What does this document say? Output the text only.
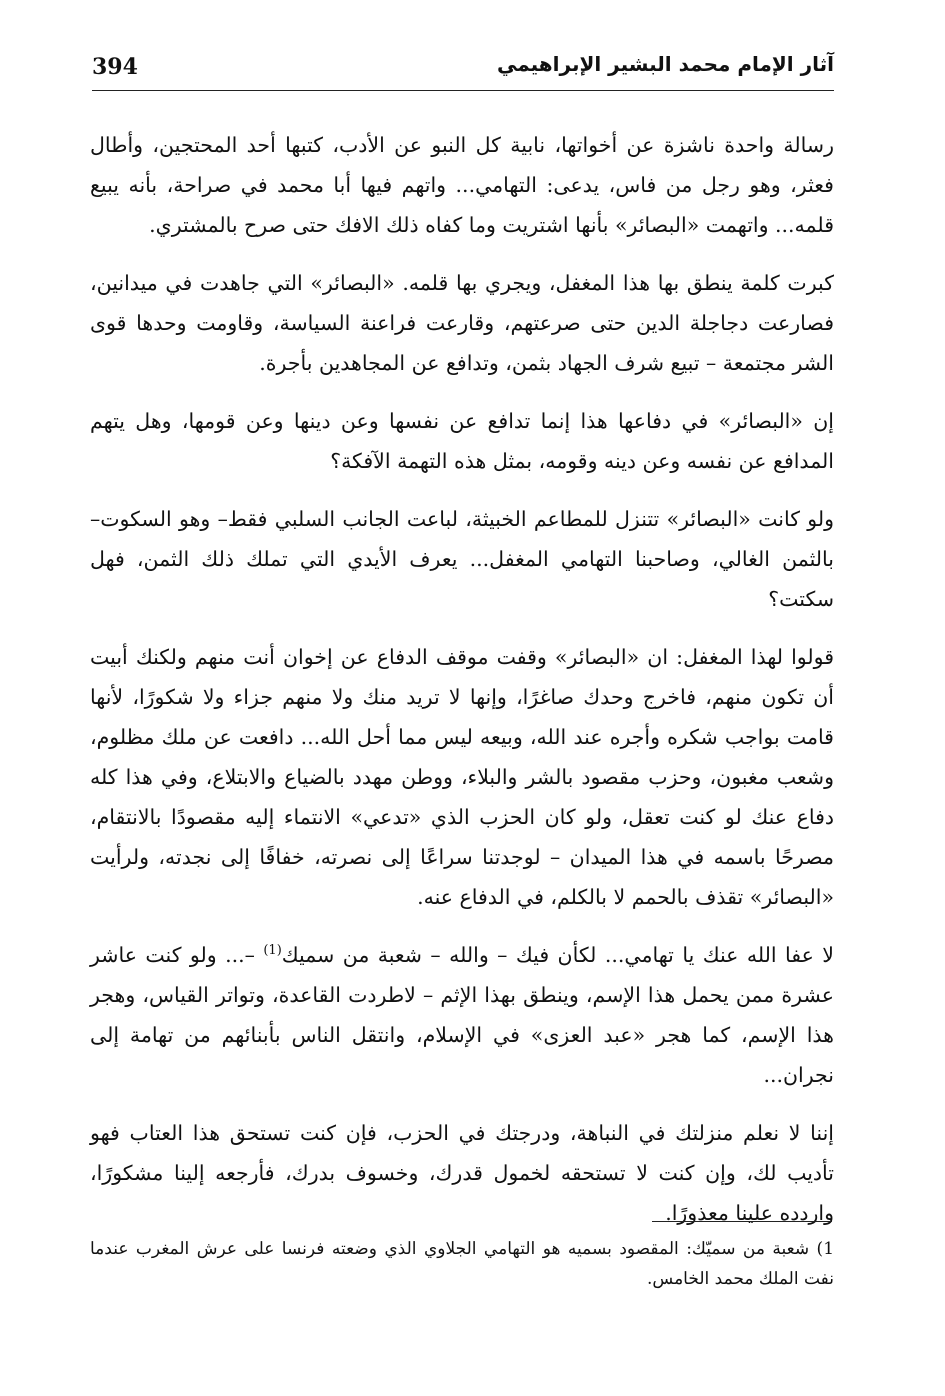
394	آثار الإمام محمد البشير الإبراهيمي

رسالة واحدة ناشزة عن أخواتها، نابية كل النبو عن الأدب، كتبها أحد المحتجين، وأطال فعثر، وهو رجل من فاس، يدعى: التهامي... واتهم فيها أبا محمد في صراحة، بأنه يبيع قلمه... واتهمت «البصائر» بأنها اشتريت وما كفاه ذلك الافك حتى صرح بالمشتري.

كبرت كلمة ينطق بها هذا المغفل، ويجري بها قلمه. «البصائر» التي جاهدت في ميدانين، فصارعت دجاجلة الدين حتى صرعتهم، وقارعت فراعنة السياسة، وقاومت وحدها قوى الشر مجتمعة – تبيع شرف الجهاد بثمن، وتدافع عن المجاهدين بأجرة.

إن «البصائر» في دفاعها هذا إنما تدافع عن نفسها وعن دينها وعن قومها، وهل يتهم المدافع عن نفسه وعن دينه وقومه، بمثل هذه التهمة الآفكة؟

ولو كانت «البصائر» تتنزل للمطاعم الخبيثة، لباعت الجانب السلبي فقط– وهو السكوت– بالثمن الغالي، وصاحبنا التهامي المغفل... يعرف الأيدي التي تملك ذلك الثمن، فهل سكتت؟

قولوا لهذا المغفل: ان «البصائر» وقفت موقف الدفاع عن إخوان أنت منهم ولكنك أبيت أن تكون منهم، فاخرج وحدك صاغرًا، وإنها لا تريد منك ولا منهم جزاء ولا شكورًا، لأنها قامت بواجب شكره وأجره عند الله، وبيعه ليس مما أحل الله... دافعت عن ملك مظلوم، وشعب مغبون، وحزب مقصود بالشر والبلاء، ووطن مهدد بالضياع والابتلاع، وفي هذا كله دفاع عنك لو كنت تعقل، ولو كان الحزب الذي «تدعي» الانتماء إليه مقصودًا بالانتقام، مصرحًا باسمه في هذا الميدان – لوجدتنا سراعًا إلى نصرته، خفافًا إلى نجدته، ولرأيت «البصائر» تقذف بالحمم لا بالكلم، في الدفاع عنه.

لا عفا الله عنك يا تهامي... لكأن فيك – والله – شعبة من سميك$^{(1)}$ –... ولو كنت عاشر عشرة ممن يحمل هذا الإسم، وينطق بهذا الإثم – لاطردت القاعدة، وتواتر القياس، وهجر هذا الإسم، كما هجر «عبد العزى» في الإسلام، وانتقل الناس بأبنائهم من تهامة إلى نجران...

إننا لا نعلم منزلتك في النباهة، ودرجتك في الحزب، فإن كنت تستحق هذا العتاب فهو تأديب لك، وإن كنت لا تستحقه لخمول قدرك، وخسوف بدرك، فأرجعه إلينا مشكورًا، واردده علينا معذورًا.

1) شعبة من سميّك: المقصود بسميه هو التهامي الجلاوي الذي وضعته فرنسا على عرش المغرب عندما نفت الملك محمد الخامس.
